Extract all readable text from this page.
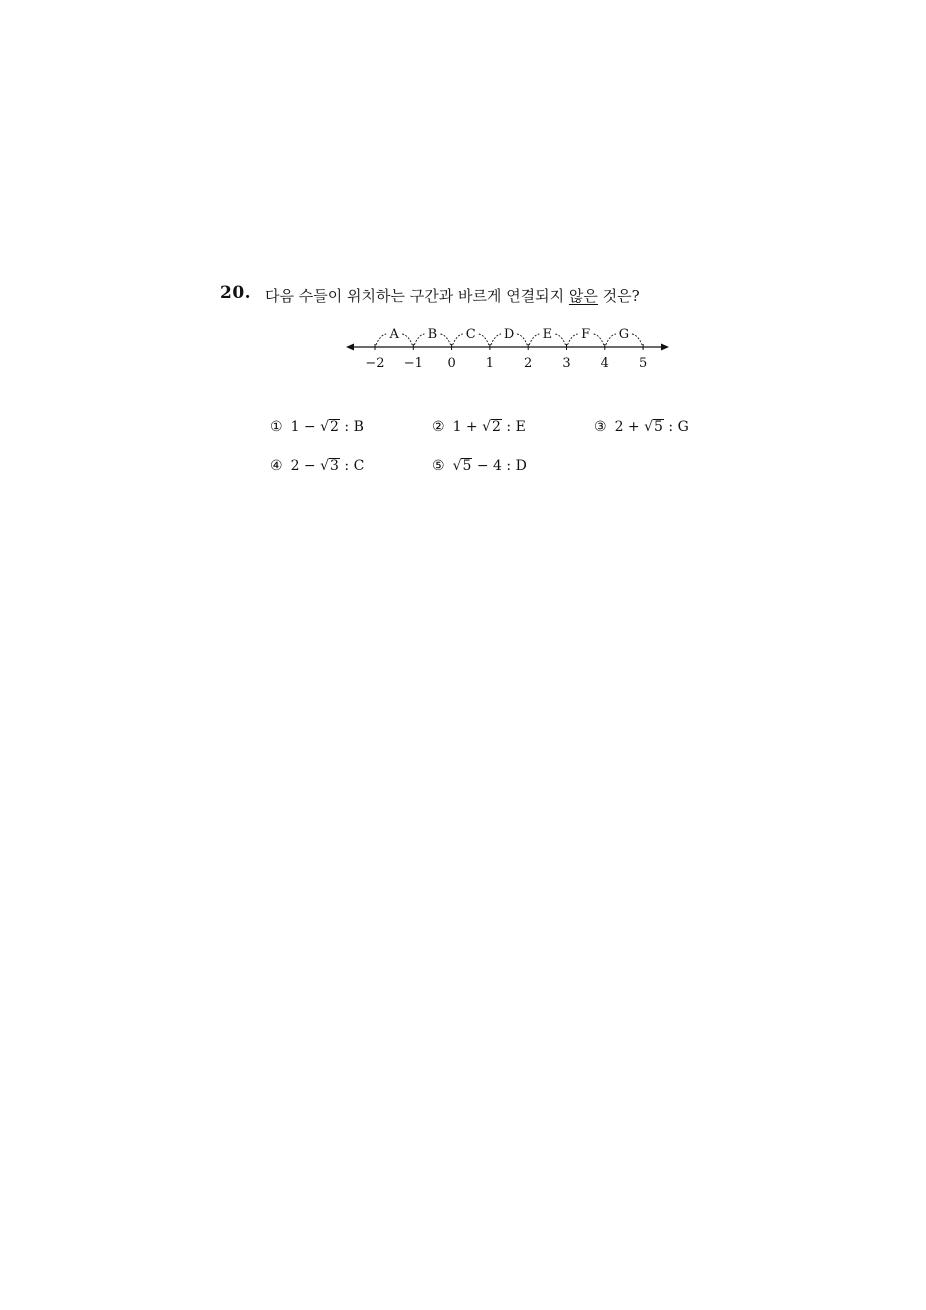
20. 다음 수들이 위치하는 구간과 바르게 연결되지 않은 것은?
−2 −1 0 1 2 3 4 5
A B C D E F G
① 1 − √2 : B	② 1 + √2 : E	③ 2 + √5 : G
④ 2 − √3 : C	⑤ √5 − 4 : D
